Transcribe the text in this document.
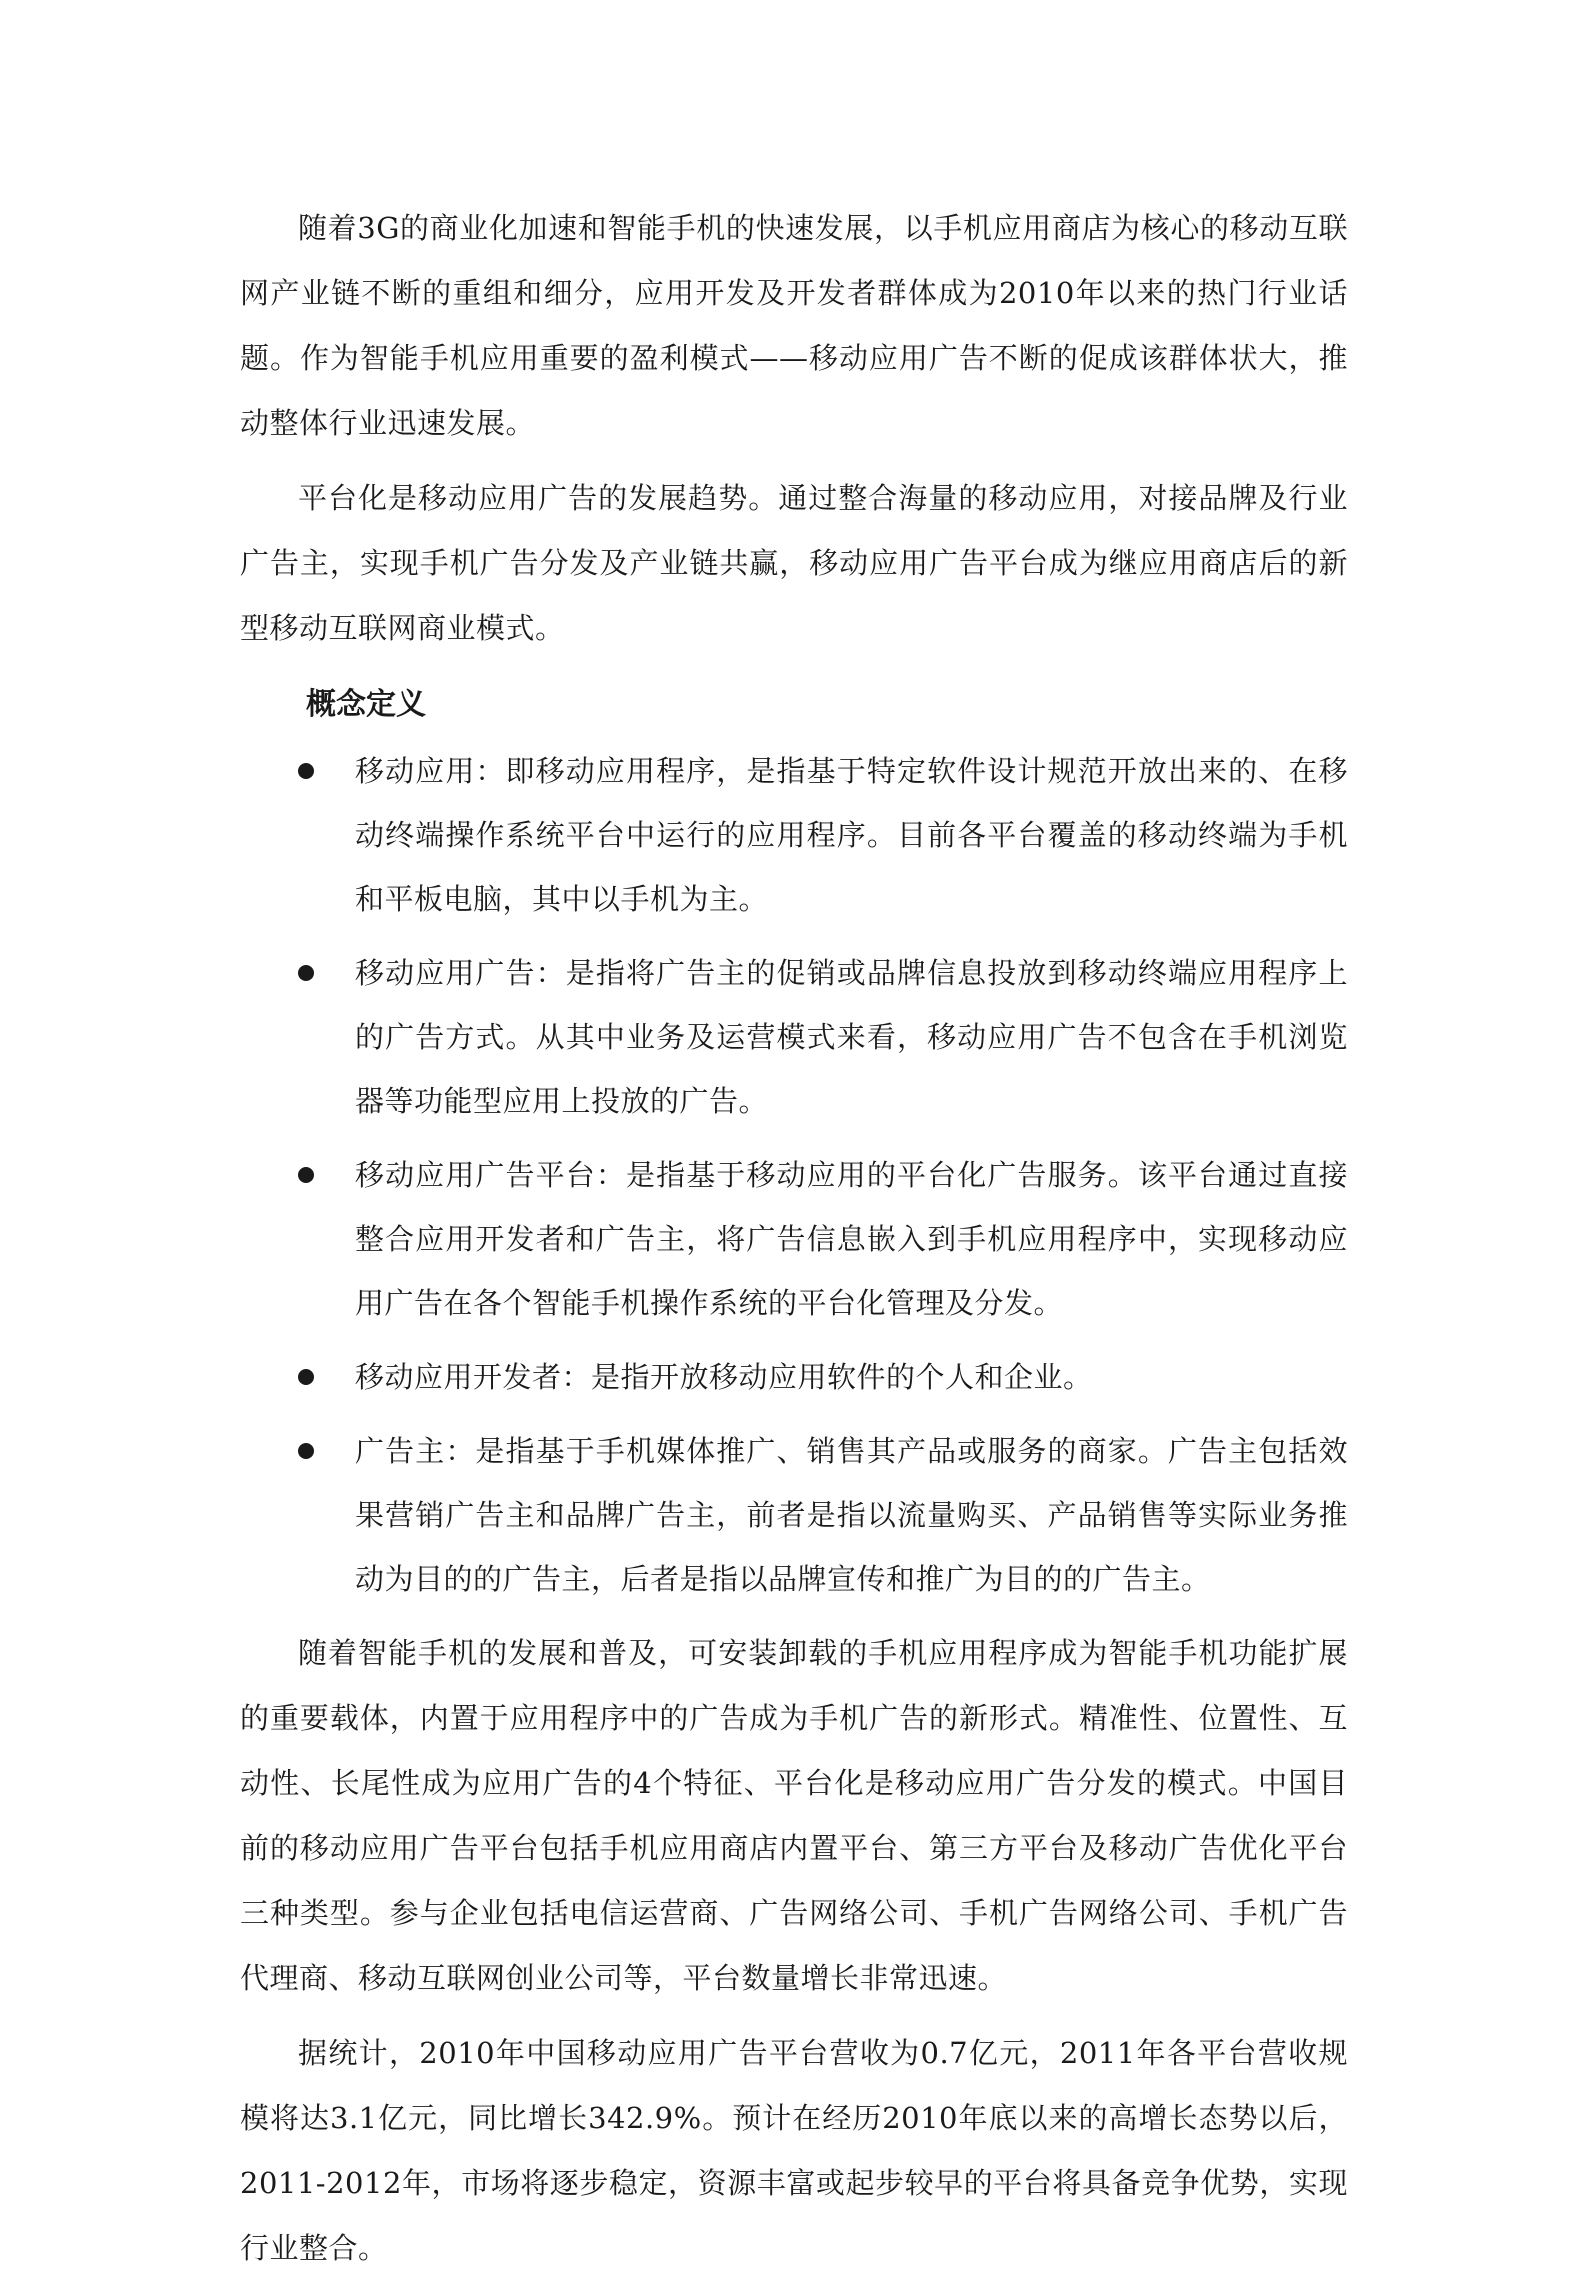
随着3G的商业化加速和智能手机的快速发展，以手机应用商店为核心的移动互联网产业链不断的重组和细分，应用开发及开发者群体成为2010年以来的热门行业话题。作为智能手机应用重要的盈利模式——移动应用广告不断的促成该群体状大，推动整体行业迅速发展。

平台化是移动应用广告的发展趋势。通过整合海量的移动应用，对接品牌及行业广告主，实现手机广告分发及产业链共赢，移动应用广告平台成为继应用商店后的新型移动互联网商业模式。

概念定义
移动应用：即移动应用程序，是指基于特定软件设计规范开放出来的、在移动终端操作系统平台中运行的应用程序。目前各平台覆盖的移动终端为手机和平板电脑，其中以手机为主。
移动应用广告：是指将广告主的促销或品牌信息投放到移动终端应用程序上的广告方式。从其中业务及运营模式来看，移动应用广告不包含在手机浏览器等功能型应用上投放的广告。
移动应用广告平台：是指基于移动应用的平台化广告服务。该平台通过直接整合应用开发者和广告主，将广告信息嵌入到手机应用程序中，实现移动应用广告在各个智能手机操作系统的平台化管理及分发。
移动应用开发者：是指开放移动应用软件的个人和企业。
广告主：是指基于手机媒体推广、销售其产品或服务的商家。广告主包括效果营销广告主和品牌广告主，前者是指以流量购买、产品销售等实际业务推动为目的的广告主，后者是指以品牌宣传和推广为目的的广告主。

随着智能手机的发展和普及，可安装卸载的手机应用程序成为智能手机功能扩展的重要载体，内置于应用程序中的广告成为手机广告的新形式。精准性、位置性、互动性、长尾性成为应用广告的4个特征、平台化是移动应用广告分发的模式。中国目前的移动应用广告平台包括手机应用商店内置平台、第三方平台及移动广告优化平台三种类型。参与企业包括电信运营商、广告网络公司、手机广告网络公司、手机广告代理商、移动互联网创业公司等，平台数量增长非常迅速。

据统计，2010年中国移动应用广告平台营收为0.7亿元，2011年各平台营收规模将达3.1亿元，同比增长342.9%。预计在经历2010年底以来的高增长态势以后，2011-2012年，市场将逐步稳定，资源丰富或起步较早的平台将具备竞争优势，实现行业整合。
